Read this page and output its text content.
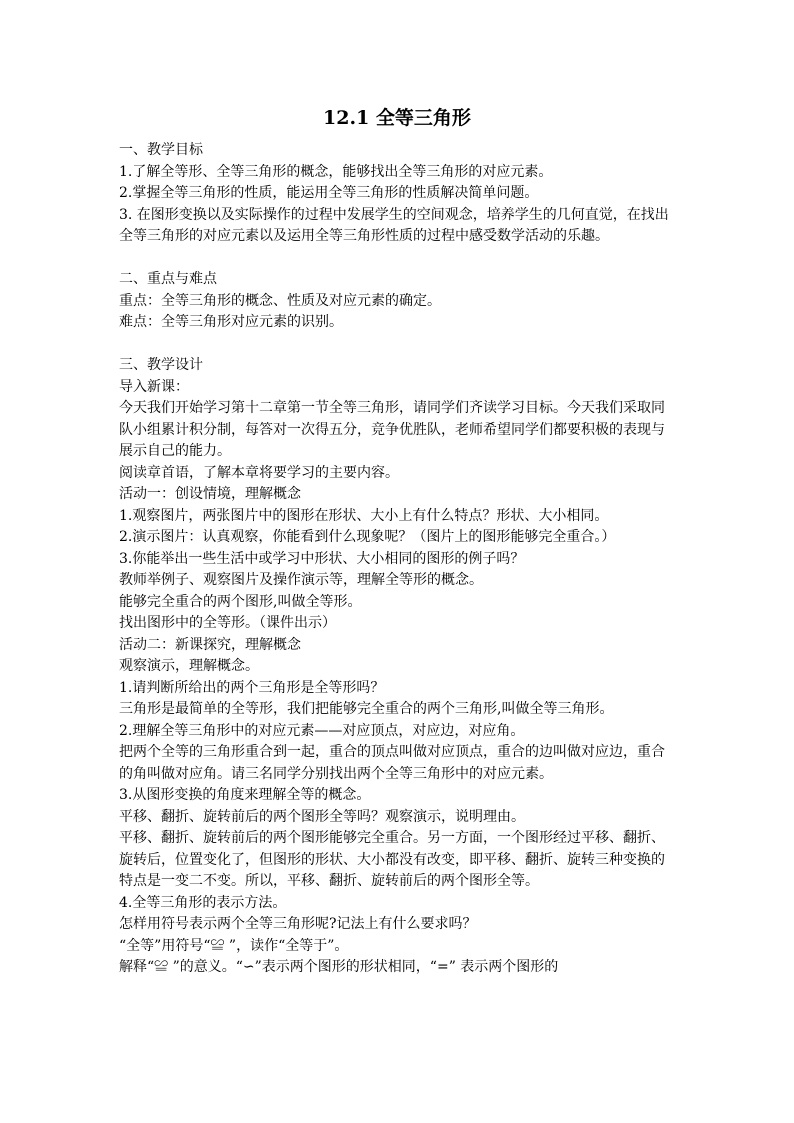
12.1 全等三角形

一、教学目标

1.了解全等形、全等三角形的概念，能够找出全等三角形的对应元素。

2.掌握全等三角形的性质，能运用全等三角形的性质解决简单问题。

3. 在图形变换以及实际操作的过程中发展学生的空间观念，培养学生的几何直觉，在找出全等三角形的对应元素以及运用全等三角形性质的过程中感受数学活动的乐趣。

二、重点与难点

重点：全等三角形的概念、性质及对应元素的确定。

难点：全等三角形对应元素的识别。

三、教学设计

导入新课：

今天我们开始学习第十二章第一节全等三角形，请同学们齐读学习目标。今天我们采取同队小组累计积分制，每答对一次得五分，竞争优胜队，老师希望同学们都要积极的表现与展示自己的能力。

阅读章首语，了解本章将要学习的主要内容。

活动一：创设情境，理解概念

1.观察图片，两张图片中的图形在形状、大小上有什么特点？形状、大小相同。

2.演示图片：认真观察，你能看到什么现象呢？（图片上的图形能够完全重合。）

3.你能举出一些生活中或学习中形状、大小相同的图形的例子吗？

教师举例子、观察图片及操作演示等，理解全等形的概念。

能够完全重合的两个图形,叫做全等形。

找出图形中的全等形。（课件出示）

活动二：新课探究，理解概念

观察演示，理解概念。

1.请判断所给出的两个三角形是全等形吗？

三角形是最简单的全等形，我们把能够完全重合的两个三角形,叫做全等三角形。

2.理解全等三角形中的对应元素——对应顶点，对应边，对应角。

把两个全等的三角形重合到一起，重合的顶点叫做对应顶点，重合的边叫做对应边，重合的角叫做对应角。请三名同学分别找出两个全等三角形中的对应元素。

3.从图形变换的角度来理解全等的概念。

平移、翻折、旋转前后的两个图形全等吗？观察演示，说明理由。

平移、翻折、旋转前后的两个图形能够完全重合。另一方面，一个图形经过平移、翻折、旋转后，位置变化了，但图形的形状、大小都没有改变，即平移、翻折、旋转三种变换的特点是一变二不变。所以，平移、翻折、旋转前后的两个图形全等。

4.全等三角形的表示方法。

怎样用符号表示两个全等三角形呢?记法上有什么要求吗？

“全等”用符号“≌ ”，读作“全等于”。

解释“≌ ”的意义。“∽”表示两个图形的形状相同，“=” 表示两个图形的
